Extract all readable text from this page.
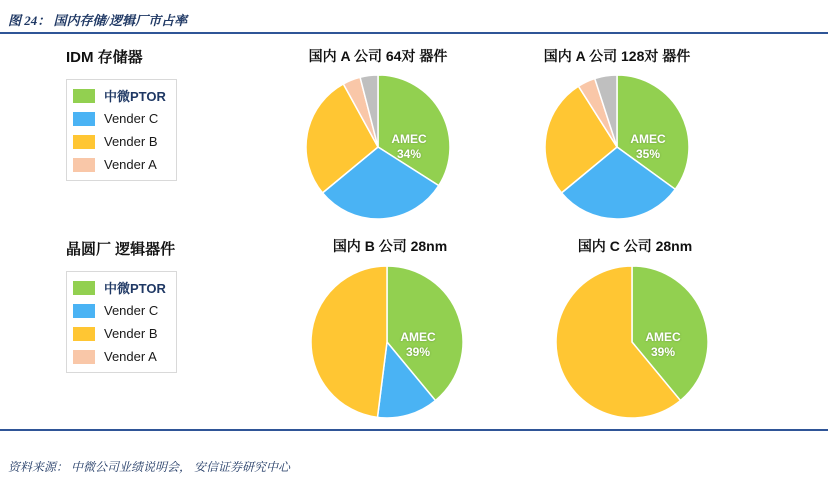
图 24： 国内存储/逻辑厂市占率
IDM 存储器
中微PTOR
Vender C
Vender B
Vender A
晶圆厂 逻辑器件
中微PTOR
Vender C
Vender B
Vender A
国内 A 公司 64对 器件
AMEC
34%
国内 A 公司 128对 器件
AMEC
35%
国内 B 公司 28nm
AMEC
39%
国内 C 公司 28nm
AMEC
39%
资料来源： 中微公司业绩说明会， 安信证券研究中心
